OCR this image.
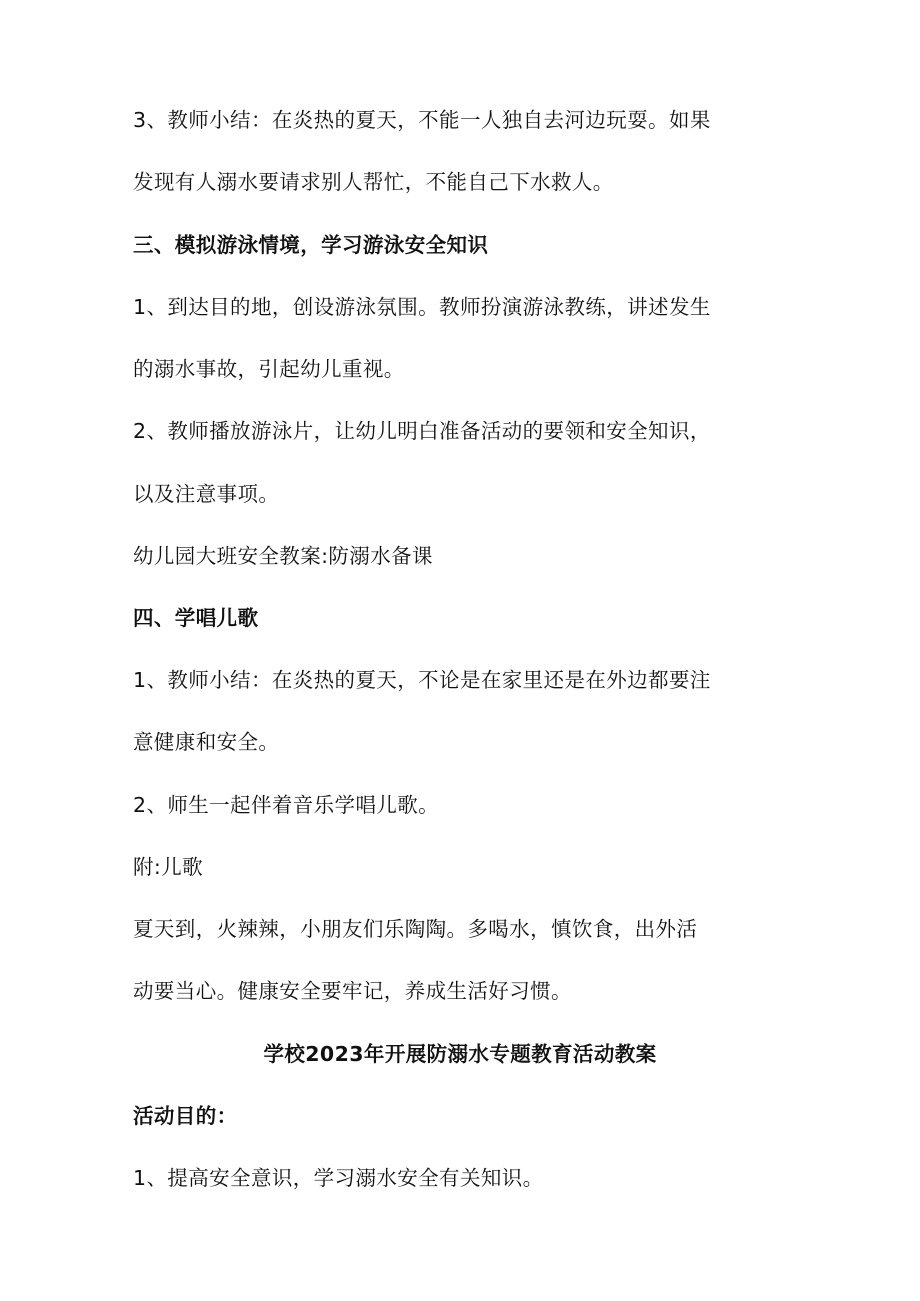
3、教师小结：在炎热的夏天，不能一人独自去河边玩耍。如果
发现有人溺水要请求别人帮忙，不能自己下水救人。
三、模拟游泳情境，学习游泳安全知识
1、到达目的地，创设游泳氛围。教师扮演游泳教练，讲述发生
的溺水事故，引起幼儿重视。
2、教师播放游泳片，让幼儿明白准备活动的要领和安全知识，
以及注意事项。
幼儿园大班安全教案:防溺水备课
四、学唱儿歌
1、教师小结：在炎热的夏天，不论是在家里还是在外边都要注
意健康和安全。
2、师生一起伴着音乐学唱儿歌。
附:儿歌
夏天到，火辣辣，小朋友们乐陶陶。多喝水，慎饮食，出外活
动要当心。健康安全要牢记，养成生活好习惯。
学校2023年开展防溺水专题教育活动教案
活动目的：
1、提高安全意识，学习溺水安全有关知识。
